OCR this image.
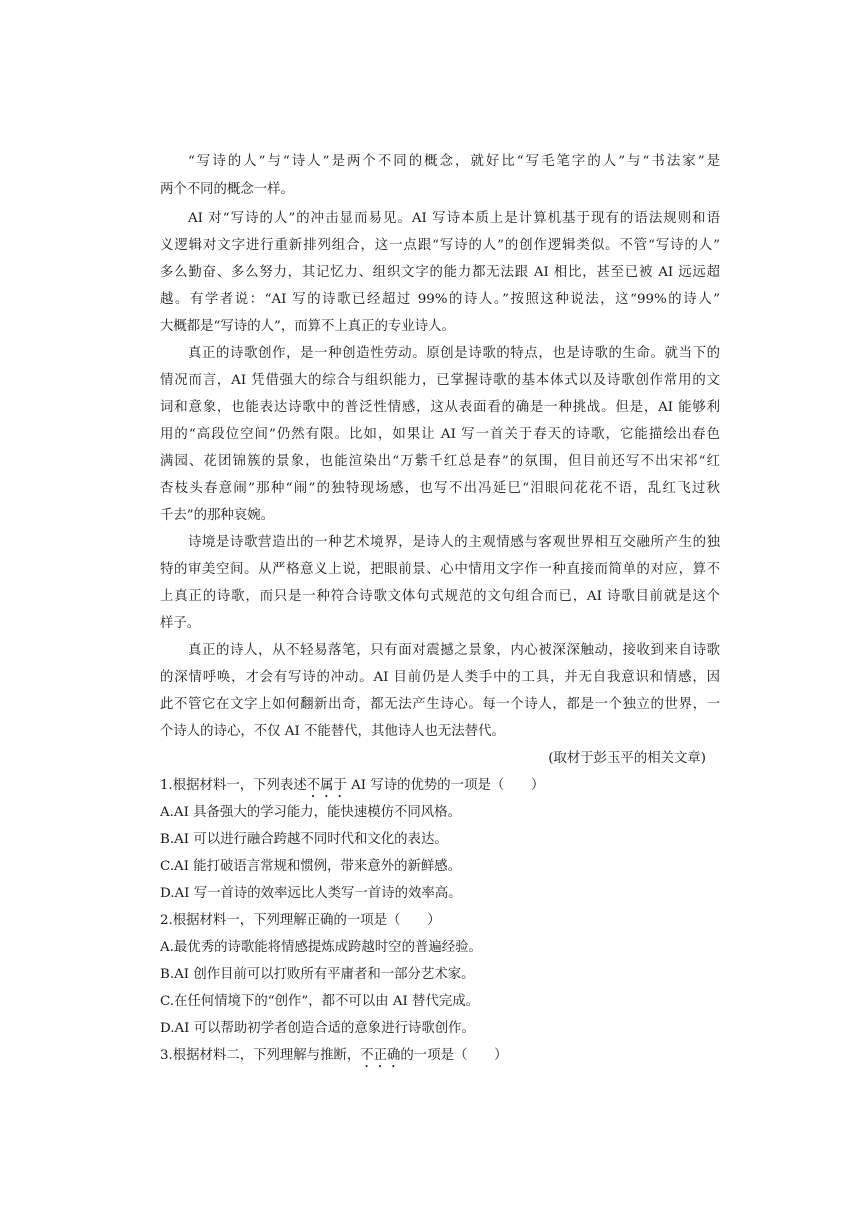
“写诗的人”与“诗人”是两个不同的概念，就好比“写毛笔字的人”与“书法家”是
两个不同的概念一样。
AI 对“写诗的人”的冲击显而易见。AI 写诗本质上是计算机基于现有的语法规则和语
义逻辑对文字进行重新排列组合，这一点跟“写诗的人”的创作逻辑类似。不管“写诗的人”
多么勤奋、多么努力，其记忆力、组织文字的能力都无法跟 AI 相比，甚至已被 AI 远远超
越。有学者说：“AI 写的诗歌已经超过 99%的诗人。”按照这种说法，这“99%的诗人”
大概都是“写诗的人”，而算不上真正的专业诗人。
真正的诗歌创作，是一种创造性劳动。原创是诗歌的特点，也是诗歌的生命。就当下的
情况而言，AI 凭借强大的综合与组织能力，已掌握诗歌的基本体式以及诗歌创作常用的文
词和意象，也能表达诗歌中的普泛性情感，这从表面看的确是一种挑战。但是，AI 能够利
用的“高段位空间”仍然有限。比如，如果让 AI 写一首关于春天的诗歌，它能描绘出春色
满园、花团锦簇的景象，也能渲染出“万紫千红总是春”的氛围，但目前还写不出宋祁“红
杏枝头春意闹”那种“闹”的独特现场感，也写不出冯延巳“泪眼问花花不语，乱红飞过秋
千去”的那种哀婉。
诗境是诗歌营造出的一种艺术境界，是诗人的主观情感与客观世界相互交融所产生的独
特的审美空间。从严格意义上说，把眼前景、心中情用文字作一种直接而简单的对应，算不
上真正的诗歌，而只是一种符合诗歌文体句式规范的文句组合而已，AI 诗歌目前就是这个
样子。
真正的诗人，从不轻易落笔，只有面对震撼之景象，内心被深深触动，接收到来自诗歌
的深情呼唤，才会有写诗的冲动。AI 目前仍是人类手中的工具，并无自我意识和情感，因
此不管它在文字上如何翻新出奇，都无法产生诗心。每一个诗人，都是一个独立的世界，一
个诗人的诗心，不仅 AI 不能替代，其他诗人也无法替代。
(取材于彭玉平的相关文章)
1.根据材料一，下列表述不属于 AI 写诗的优势的一项是（　　）
A.AI 具备强大的学习能力，能快速模仿不同风格。
B.AI 可以进行融合跨越不同时代和文化的表达。
C.AI 能打破语言常规和惯例，带来意外的新鲜感。
D.AI 写一首诗的效率远比人类写一首诗的效率高。
2.根据材料一，下列理解正确的一项是（　　）
A.最优秀的诗歌能将情感提炼成跨越时空的普遍经验。
B.AI 创作目前可以打败所有平庸者和一部分艺术家。
C.在任何情境下的“创作”，都不可以由 AI 替代完成。
D.AI 可以帮助初学者创造合适的意象进行诗歌创作。
3.根据材料二，下列理解与推断，不正确的一项是（　　）
